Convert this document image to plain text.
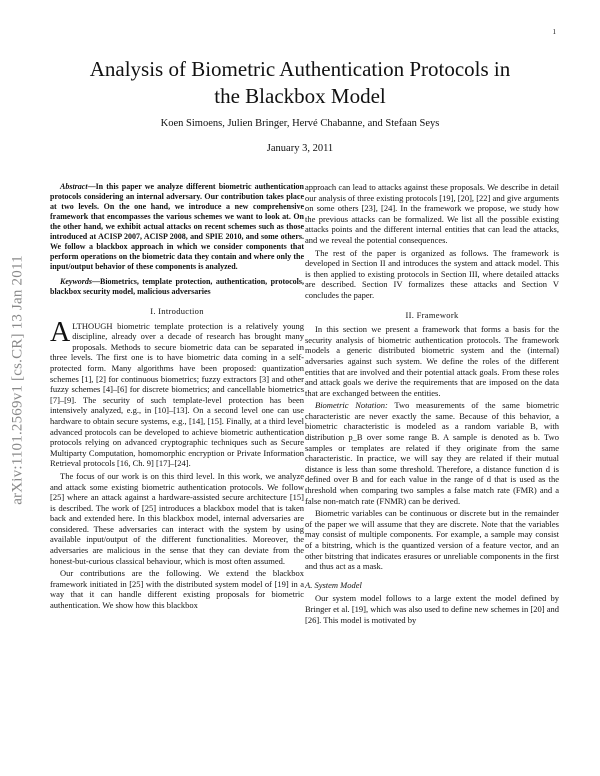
1
arXiv:1101.2569v1 [cs.CR] 13 Jan 2011
Analysis of Biometric Authentication Protocols in
the Blackbox Model
Koen Simoens, Julien Bringer, Hervé Chabanne, and Stefaan Seys
January 3, 2011

Abstract—In this paper we analyze different biometric authentication protocols considering an internal adversary. Our contribution takes place at two levels. On the one hand, we introduce a new comprehensive framework that encompasses the various schemes we want to look at. On the other hand, we exhibit actual attacks on recent schemes such as those introduced at ACISP 2007, ACISP 2008, and SPIE 2010, and some others. We follow a blackbox approach in which we consider components that perform operations on the biometric data they contain and where only the input/output behavior of these components is analyzed.

Keywords—Biometrics, template protection, authentication, protocols, blackbox security model, malicious adversaries

I. Introduction

ALTHOUGH biometric template protection is a relatively young discipline, already over a decade of research has brought many proposals. Methods to secure biometric data can be separated in three levels. The first one is to have biometric data coming in a self-protected form. Many algorithms have been proposed: quantization schemes [1], [2] for continuous biometrics; fuzzy extractors [3] and other fuzzy schemes [4]–[6] for discrete biometrics; and cancellable biometrics [7]–[9]. The security of such template-level protection has been intensively analyzed, e.g., in [10]–[13]. On a second level one can use hardware to obtain secure systems, e.g., [14], [15]. Finally, at a third level advanced protocols can be developed to achieve biometric authentication protocols relying on advanced cryptographic techniques such as Secure Multiparty Computation, homomorphic encryption or Private Information Retrieval protocols [16, Ch. 9] [17]–[24].

The focus of our work is on this third level. In this work, we analyze and attack some existing biometric authentication protocols. We follow [25] where an attack against a hardware-assisted secure architecture [15] is described. The work of [25] introduces a blackbox model that is taken back and extended here. In this blackbox model, internal adversaries are considered. These adversaries can interact with the system by using available input/output of the different functionalities. Moreover, the adversaries are malicious in the sense that they can deviate from the honest-but-curious classical behaviour, which is most often assumed.

Our contributions are the following. We extend the blackbox framework initiated in [25] with the distributed system model of [19] in a way that it can handle different existing proposals for biometric authentication. We show how this blackbox

approach can lead to attacks against these proposals. We describe in detail our analysis of three existing protocols [19], [20], [22] and give arguments on some others [23], [24]. In the framework we propose, we study how the previous attacks can be formalized. We list all the possible existing attacks points and the different internal entities that can lead the attacks, and we reveal the potential consequences.

The rest of the paper is organized as follows. The framework is developed in Section II and introduces the system and attack model. This is then applied to existing protocols in Section III, where detailed attacks are described. Section IV formalizes these attacks and Section V concludes the paper.

II. Framework

In this section we present a framework that forms a basis for the security analysis of biometric authentication protocols. The framework models a generic distributed biometric system and the (internal) adversaries against such system. We define the roles of the different entities that are involved and their potential attack goals. From these roles and attack goals we derive the requirements that are imposed on the data that are exchanged between the entities.

Biometric Notation: Two measurements of the same biometric characteristic are never exactly the same. Because of this behavior, a biometric characteristic is modeled as a random variable B, with distribution p_B over some range B. A sample is denoted as b. Two samples or templates are related if they originate from the same characteristic. In practice, we will say they are related if their mutual distance is less than some threshold. Therefore, a distance function d is defined over B and for each value in the range of d that is used as the threshold when comparing two samples a false match rate (FMR) and a false non-match rate (FNMR) can be derived.

Biometric variables can be continuous or discrete but in the remainder of the paper we will assume that they are discrete. Note that the variables may consist of multiple components. For example, a sample may consist of a bitstring, which is the quantized version of a feature vector, and an other bitstring that indicates erasures or unreliable components in the first and thus act as a mask.

A. System Model

Our system model follows to a large extent the model defined by Bringer et al. [19], which was also used to define new schemes in [20] and [26]. This model is motivated by
